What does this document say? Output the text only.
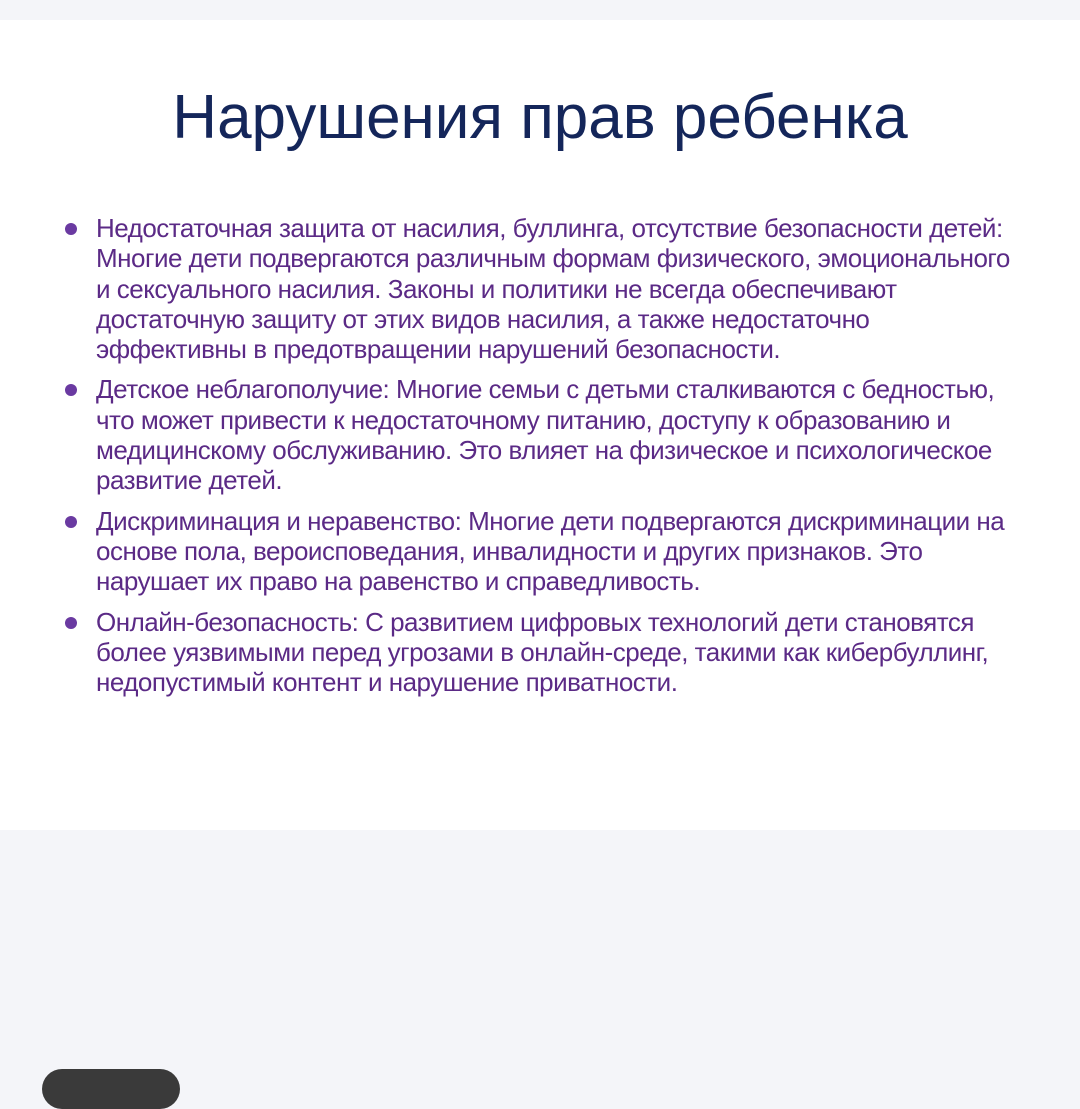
Нарушения прав ребенка
Недостаточная защита от насилия, буллинга, отсутствие безопасности детей: Многие дети подвергаются различным формам физического, эмоционального и сексуального насилия. Законы и политики не всегда обеспечивают достаточную защиту от этих видов насилия, а также недостаточно эффективны в предотвращении нарушений безопасности.
Детское неблагополучие: Многие семьи с детьми сталкиваются с бедностью, что может привести к недостаточному питанию, доступу к образованию и медицинскому обслуживанию. Это влияет на физическое и психологическое развитие детей.
Дискриминация и неравенство: Многие дети подвергаются дискриминации на основе пола, вероисповедания, инвалидности и других признаков. Это нарушает их право на равенство и справедливость.
Онлайн-безопасность: С развитием цифровых технологий дети становятся более уязвимыми перед угрозами в онлайн-среде, такими как кибербуллинг, недопустимый контент и нарушение приватности.
